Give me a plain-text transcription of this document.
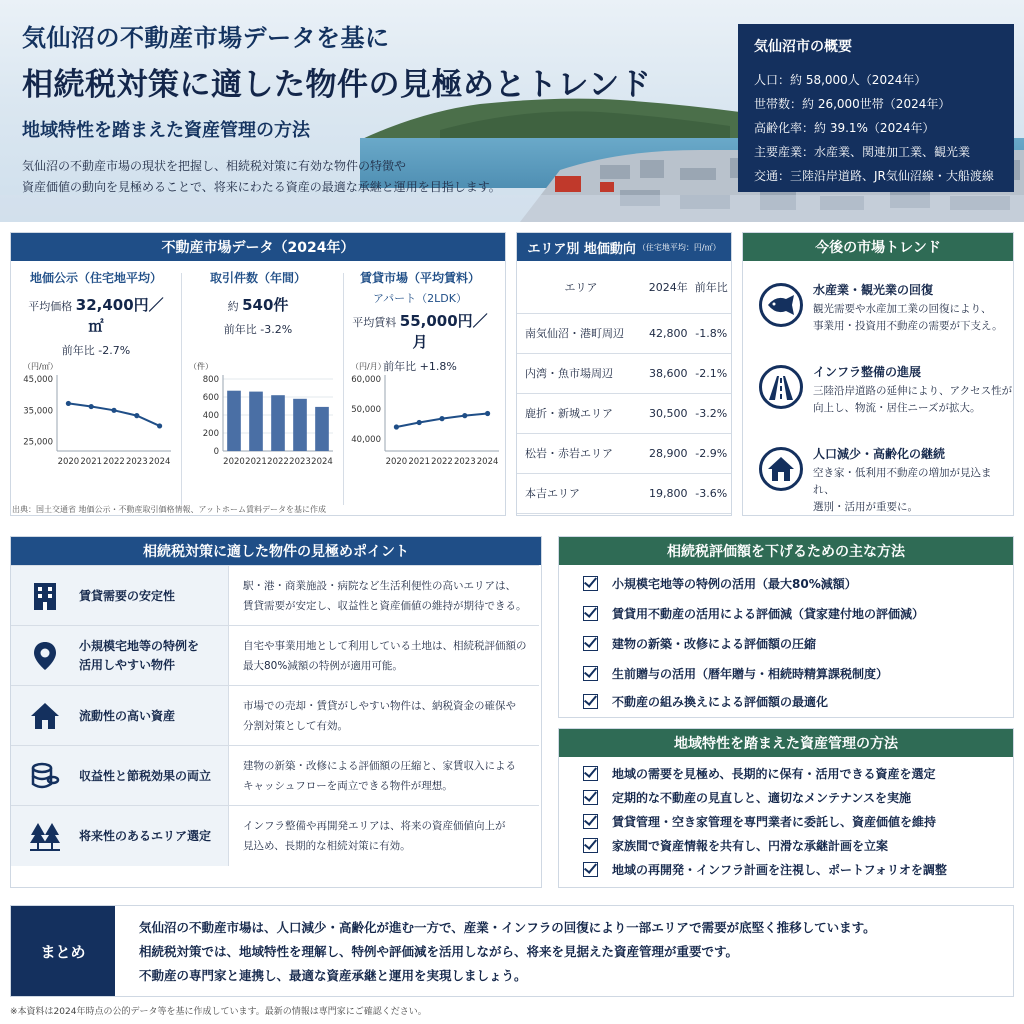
気仙沼の不動産市場データを基に
相続税対策に適した物件の見極めとトレンド
地域特性を踏まえた資産管理の方法
気仙沼の不動産市場の現状を把握し、相続税対策に有効な物件の特徴や
資産価値の動向を見極めることで、将来にわたる資産の最適な承継と運用を目指します。
気仙沼市の概要
人口：約 58,000人（2024年）
世帯数：約 26,000世帯（2024年）
高齢化率：約 39.1%（2024年）
主要産業：水産業、関連加工業、観光業
交通：三陸沿岸道路、JR気仙沼線・大船渡線
不動産市場データ（2024年）
地価公示（住宅地平均）
平均価格 32,400円／㎡
前年比 -2.7%
取引件数（年間）
約 540件
前年比 -3.2%
賃貸市場（平均賃料）
アパート（2LDK）
平均賃料 55,000円／月
前年比 +1.8%
（円/㎡）
45,000
35,000
25,000
2020 2021 2022 2023 2024
（件）
800
600
400
200
0
2020 2021 2022 2023 2024
（円/月）
60,000
50,000
40,000
2020 2021 2022 2023 2024
出典：国土交通省 地価公示・不動産取引価格情報、アットホーム賃料データを基に作成
エリア別 地価動向 （住宅地平均：円/㎡）
エリア	2024年	前年比
南気仙沼・港町周辺	42,800	-1.8%
内湾・魚市場周辺	38,600	-2.1%
鹿折・新城エリア	30,500	-3.2%
松岩・赤岩エリア	28,900	-2.9%
本吉エリア	19,800	-3.6%
今後の市場トレンド
水産業・観光業の回復
観光需要や水産加工業の回復により、
事業用・投資用不動産の需要が下支え。
インフラ整備の進展
三陸沿岸道路の延伸により、アクセス性が
向上し、物流・居住ニーズが拡大。
人口減少・高齢化の継続
空き家・低利用不動産の増加が見込まれ、
選別・活用が重要に。
相続税対策に適した物件の見極めポイント
賃貸需要の安定性
駅・港・商業施設・病院など生活利便性の高いエリアは、
賃貸需要が安定し、収益性と資産価値の維持が期待できる。
小規模宅地等の特例を
活用しやすい物件
自宅や事業用地として利用している土地は、相続税評価額の
最大80%減額の特例が適用可能。
流動性の高い資産
市場での売却・賃貸がしやすい物件は、納税資金の確保や
分割対策として有効。
収益性と節税効果の両立
建物の新築・改修による評価額の圧縮と、家賃収入による
キャッシュフローを両立できる物件が理想。
将来性のあるエリア選定
インフラ整備や再開発エリアは、将来の資産価値向上が
見込め、長期的な相続対策に有効。
相続税評価額を下げるための主な方法
小規模宅地等の特例の活用（最大80%減額）
賃貸用不動産の活用による評価減（貸家建付地の評価減）
建物の新築・改修による評価額の圧縮
生前贈与の活用（暦年贈与・相続時精算課税制度）
不動産の組み換えによる評価額の最適化
地域特性を踏まえた資産管理の方法
地域の需要を見極め、長期的に保有・活用できる資産を選定
定期的な不動産の見直しと、適切なメンテナンスを実施
賃貸管理・空き家管理を専門業者に委託し、資産価値を維持
家族間で資産情報を共有し、円滑な承継計画を立案
地域の再開発・インフラ計画を注視し、ポートフォリオを調整
まとめ
気仙沼の不動産市場は、人口減少・高齢化が進む一方で、産業・インフラの回復により一部エリアで需要が底堅く推移しています。
相続税対策では、地域特性を理解し、特例や評価減を活用しながら、将来を見据えた資産管理が重要です。
不動産の専門家と連携し、最適な資産承継と運用を実現しましょう。
※本資料は2024年時点の公的データ等を基に作成しています。最新の情報は専門家にご確認ください。
